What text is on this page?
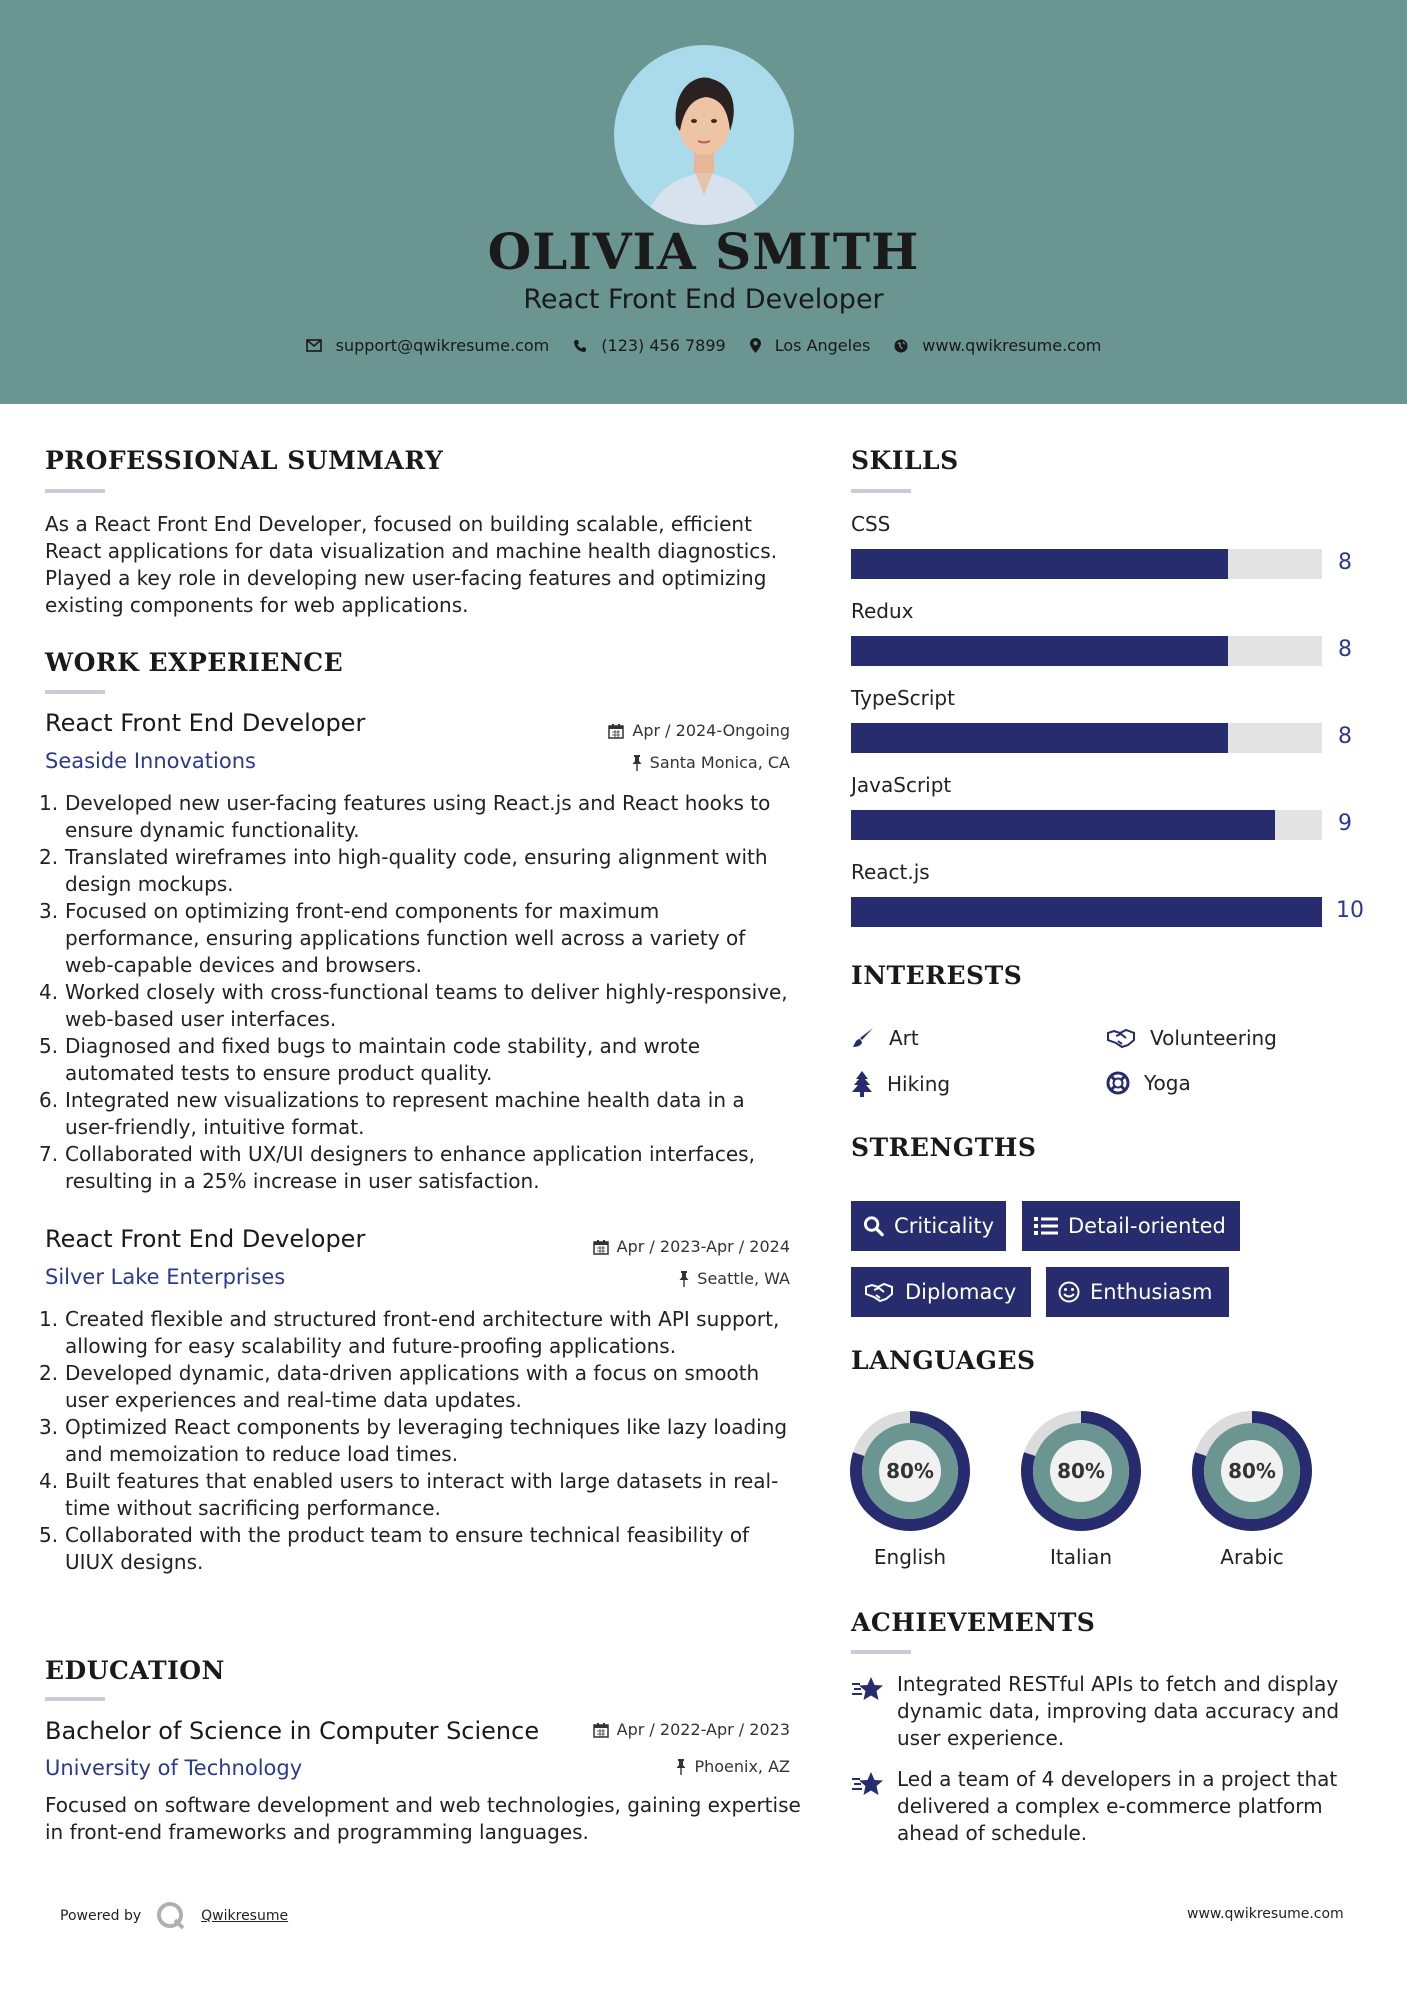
OLIVIA SMITH
React Front End Developer
support@qwikresume.com	(123) 456 7899	Los Angeles	www.qwikresume.com
PROFESSIONAL SUMMARY
As a React Front End Developer, focused on building scalable, efficient React applications for data visualization and machine health diagnostics. Played a key role in developing new user-facing features and optimizing existing components for web applications.
WORK EXPERIENCE
React Front End Developer	Apr / 2024-Ongoing
Seaside Innovations	Santa Monica, CA
1. Developed new user-facing features using React.js and React hooks to ensure dynamic functionality.
2. Translated wireframes into high-quality code, ensuring alignment with design mockups.
3. Focused on optimizing front-end components for maximum performance, ensuring applications function well across a variety of web-capable devices and browsers.
4. Worked closely with cross-functional teams to deliver highly-responsive, web-based user interfaces.
5. Diagnosed and fixed bugs to maintain code stability, and wrote automated tests to ensure product quality.
6. Integrated new visualizations to represent machine health data in a user-friendly, intuitive format.
7. Collaborated with UX/UI designers to enhance application interfaces, resulting in a 25% increase in user satisfaction.
React Front End Developer	Apr / 2023-Apr / 2024
Silver Lake Enterprises	Seattle, WA
1. Created flexible and structured front-end architecture with API support, allowing for easy scalability and future-proofing applications.
2. Developed dynamic, data-driven applications with a focus on smooth user experiences and real-time data updates.
3. Optimized React components by leveraging techniques like lazy loading and memoization to reduce load times.
4. Built features that enabled users to interact with large datasets in real-time without sacrificing performance.
5. Collaborated with the product team to ensure technical feasibility of UIUX designs.
EDUCATION
Bachelor of Science in Computer Science	Apr / 2022-Apr / 2023
University of Technology	Phoenix, AZ
Focused on software development and web technologies, gaining expertise in front-end frameworks and programming languages.
SKILLS
CSS
8
Redux
8
TypeScript
8
JavaScript
9
React.js
10
INTERESTS
Art	Volunteering
Hiking	Yoga
STRENGTHS
Criticality	Detail-oriented
Diplomacy	Enthusiasm
LANGUAGES
80%
English
80%
Italian
80%
Arabic
ACHIEVEMENTS
Integrated RESTful APIs to fetch and display dynamic data, improving data accuracy and user experience.
Led a team of 4 developers in a project that delivered a complex e-commerce platform ahead of schedule.
Powered by	Qwikresume	www.qwikresume.com
